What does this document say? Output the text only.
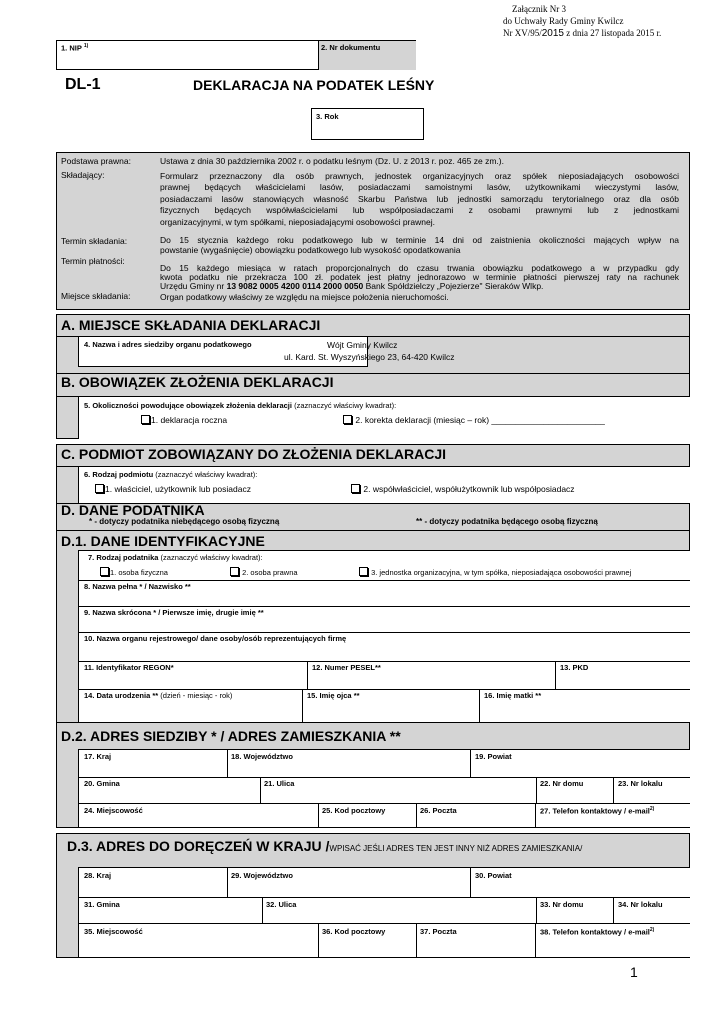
Załącznik Nr 3
do Uchwały Rady Gminy Kwilcz
Nr XV/95/2015 z dnia 27 listopada 2015 r.
1. NIP $^{1)}$	2. Nr dokumentu
DL-1	DEKLARACJA NA PODATEK LEŚNY
3. Rok
Podstawa prawna:	Ustawa z dnia 30 października 2002 r. o podatku leśnym (Dz. U. z 2013 r. poz. 465 ze zm.).
Składający:	Formularz przeznaczony dla osób prawnych, jednostek organizacyjnych oraz spółek nieposiadających osobowości
prawnej będących właścicielami lasów, posiadaczami samoistnymi lasów, użytkownikami wieczystymi lasów,
posiadaczami lasów stanowiących własność Skarbu Państwa lub jednostki samorządu terytorialnego oraz dla osób
fizycznych będących współwłaścicielami lub współposiadaczami z osobami prawnymi lub z jednostkami
organizacyjnymi, w tym spółkami, nieposiadającymi osobowości prawnej.
Termin składania:	Do 15 stycznia każdego roku podatkowego lub w terminie 14 dni od zaistnienia okoliczności mających wpływ na
powstanie (wygaśnięcie) obowiązku podatkowego lub wysokość opodatkowania
Termin płatności:
Do 15 każdego miesiąca w ratach proporcjonalnych do czasu trwania obowiązku podatkowego a w przypadku gdy
kwota podatku nie przekracza 100 zł. podatek jest płatny jednorazowo w terminie płatności pierwszej raty na rachunek
Urzędu Gminy nr 13 9082 0005 4200 0114 2000 0050 Bank Spółdzielczy „Pojezierze" Sieraków Wlkp.
Miejsce składania:	Organ podatkowy właściwy ze względu na miejsce położenia nieruchomości.
A. MIEJSCE SKŁADANIA DEKLARACJI
4. Nazwa i adres siedziby organu podatkowego	Wójt Gminy Kwilcz
ul. Kard. St. Wyszyńskiego 23, 64-420 Kwilcz
B. OBOWIĄZEK ZŁOŻENIA DEKLARACJI
5. Okoliczności powodujące obowiązek złożenia deklaracji (zaznaczyć właściwy kwadrat):
1. deklaracja roczna	2. korekta deklaracji (miesiąc – rok) ________________________
C. PODMIOT ZOBOWIĄZANY DO ZŁOŻENIA DEKLARACJI
6. Rodzaj podmiotu (zaznaczyć właściwy kwadrat):
1. właściciel, użytkownik lub posiadacz	2. współwłaściciel, współużytkownik lub współposiadacz
D. DANE PODATNIKA
* - dotyczy podatnika niebędącego osobą fizyczną	** - dotyczy podatnika będącego osobą fizyczną
D.1. DANE IDENTYFIKACYJNE
7. Rodzaj podatnika (zaznaczyć właściwy kwadrat):
1. osoba fizyczna	2. osoba prawna	3. jednostka organizacyjna, w tym spółka, nieposiadająca osobowości prawnej
8. Nazwa pełna * / Nazwisko **
9. Nazwa skrócona * / Pierwsze imię, drugie imię **
10. Nazwa organu rejestrowego/ dane osoby/osób reprezentujących firmę
11. Identyfikator REGON*	12. Numer PESEL**	13. PKD
14. Data urodzenia ** (dzień - miesiąc - rok)	15. Imię ojca **	16. Imię matki **
D.2. ADRES SIEDZIBY * / ADRES ZAMIESZKANIA **
17. Kraj	18. Województwo	19. Powiat
20. Gmina	21. Ulica	22. Nr domu	23. Nr lokalu
24. Miejscowość	25. Kod pocztowy	26. Poczta	27. Telefon kontaktowy / e-mail$^{2)}$
D.3. ADRES DO DORĘCZEŃ W KRAJU /WPISAĆ JEŚLI ADRES TEN JEST INNY NIŻ ADRES ZAMIESZKANIA/
28. Kraj	29. Województwo	30. Powiat
31. Gmina	32. Ulica	33. Nr domu	34. Nr lokalu
35. Miejscowość	36. Kod pocztowy	37. Poczta	38. Telefon kontaktowy / e-mail$^{2)}$
1
